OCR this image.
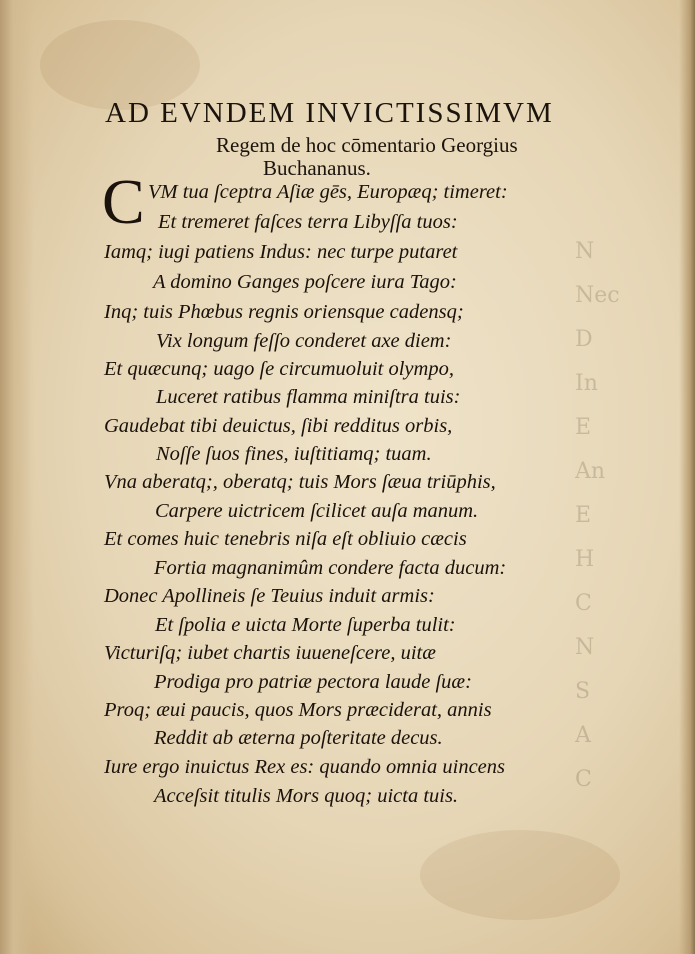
N
Nec
D
In
E
An
E
H
C
N
S
A
C
AD EVNDEM INVICTISSIMVM
Regem de hoc cōmentario Georgius
Buchananus.
C VM tua ſceptra Aſiæ gēs, Europæq; timeret:
Et tremeret faſces terra Libyſſa tuos:
Iamq; iugi patiens Indus: nec turpe putaret
A domino Ganges poſcere iura Tago:
Inq; tuis Phœbus regnis oriensque cadensq;
Vix longum feſſo conderet axe diem:
Et quæcunq; uago ſe circumuoluit olympo,
Luceret ratibus flamma miniſtra tuis:
Gaudebat tibi deuictus, ſibi redditus orbis,
Noſſe ſuos fines, iuſtitiamq; tuam.
Vna aberatq;, oberatq; tuis Mors ſæua triūphis,
Carpere uictricem ſcilicet auſa manum.
Et comes huic tenebris niſa eſt obliuio cæcis
Fortia magnanimûm condere facta ducum:
Donec Apollineis ſe Teuius induit armis:
Et ſpolia e uicta Morte ſuperba tulit:
Victuriſq; iubet chartis iuueneſcere, uitæ
Prodiga pro patriæ pectora laude ſuæ:
Proq; æui paucis, quos Mors præciderat, annis
Reddit ab æterna poſteritate decus.
Iure ergo inuictus Rex es: quando omnia uincens
Acceſsit titulis Mors quoq; uicta tuis.
